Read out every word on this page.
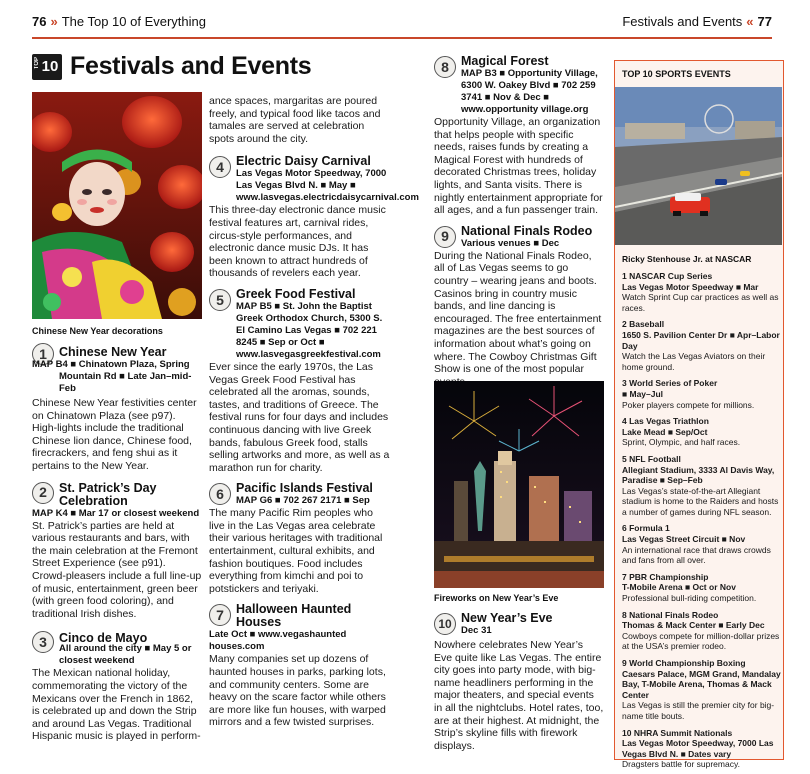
76 » The Top 10 of Everything	Festivals and Events « 77
TOP 10 Festivals and Events
Chinese New Year decorations
1 Chinese New Year
MAP B4 ■ Chinatown Plaza, Spring Mountain Rd ■ Late Jan–mid-Feb
Chinese New Year festivities center on Chinatown Plaza (see p97). High-lights include the traditional Chinese lion dance, Chinese food, firecrackers, and feng shui as it pertains to the New Year.
2 St. Patrick’s Day Celebration
MAP K4 ■ Mar 17 or closest weekend
St. Patrick’s parties are held at various restaurants and bars, with the main celebration at the Fremont Street Experience (see p91). Crowd-pleasers include a full line-up of music, entertainment, green beer (with green food coloring), and traditional Irish dishes.
3 Cinco de Mayo
All around the city ■ May 5 or closest weekend
The Mexican national holiday, commemorating the victory of the Mexicans over the French in 1862, is celebrated up and down the Strip and around Las Vegas. Traditional Hispanic music is played in perform-

ance spaces, margaritas are poured freely, and typical food like tacos and tamales are served at celebration spots around the city.

4 Electric Daisy Carnival
Las Vegas Motor Speedway, 7000 Las Vegas Blvd N. ■ May ■ www.lasvegas.electricdaisycarnival.com
This three-day electronic dance music festival features art, carnival rides, circus-style performances, and electronic dance music DJs. It has been known to attract hundreds of thousands of revelers each year.
5 Greek Food Festival
MAP B5 ■ St. John the Baptist Greek Orthodox Church, 5300 S. El Camino Las Vegas ■ 702 221 8245 ■ Sep or Oct ■ www.lasvegasgreekfestival.com
Ever since the early 1970s, the Las Vegas Greek Food Festival has celebrated all the aromas, sounds, tastes, and traditions of Greece. The festival runs for four days and includes continuous dancing with live Greek bands, fabulous Greek food, stalls selling artworks and more, as well as a marathon run for charity.
6 Pacific Islands Festival
MAP G6 ■ 702 267 2171 ■ Sep
The many Pacific Rim peoples who live in the Las Vegas area celebrate their various heritages with traditional entertainment, cultural exhibits, and fashion boutiques. Food includes everything from kimchi and poi to potstickers and teriyaki.
7 Halloween Haunted Houses
Late Oct ■ www.vegashaunted houses.com
Many companies set up dozens of haunted houses in parks, parking lots, and community centers. Some are heavy on the scare factor while others are more like fun houses, with warped mirrors and a few twisted surprises.
8 Magical Forest
MAP B3 ■ Opportunity Village, 6300 W. Oakey Blvd ■ 702 259 3741 ■ Nov & Dec ■ www.opportunity village.org
Opportunity Village, an organization that helps people with specific needs, raises funds by creating a Magical Forest with hundreds of decorated Christmas trees, holiday lights, and Santa visits. There is nightly entertainment appropriate for all ages, and a fun passenger train.
9 National Finals Rodeo
Various venues ■ Dec
During the National Finals Rodeo, all of Las Vegas seems to go country – wearing jeans and boots. Casinos bring in country music bands, and line dancing is encouraged. The free entertainment magazines are the best sources of information about what’s going on where. The Cowboy Christmas Gift Show is one of the most popular
Fireworks on New Year’s Eve
10 New Year’s Eve
Dec 31
Nowhere celebrates New Year’s Eve quite like Las Vegas. The entire city goes into party mode, with big-name headliners performing in the major theaters, and special events in all the nightclubs. Hotel rates, too, are at their highest. At midnight, the Strip’s skyline fills with firework displays.
TOP 10 SPORTS EVENTS
Ricky Stenhouse Jr. at NASCAR
1 NASCAR Cup Series
Las Vegas Motor Speedway ■ Mar
Watch Sprint Cup car practices as well as races.
2 Baseball
1650 S. Pavilion Center Dr ■ Apr–Labor Day
Watch the Las Vegas Aviators on their home ground.
3 World Series of Poker
■ May–Jul
Poker players compete for millions.
4 Las Vegas Triathlon
Lake Mead ■ Sep/Oct
Sprint, Olympic, and half races.
5 NFL Football
Allegiant Stadium, 3333 Al Davis Way, Paradise ■ Sep–Feb
Las Vegas’s state-of-the-art Allegiant stadium is home to the Raiders and hosts a number of games during NFL season.
6 Formula 1
Las Vegas Street Circuit ■ Nov
An international race that draws crowds and fans from all over.
7 PBR Championship
T-Mobile Arena ■ Oct or Nov
Professional bull-riding competition.
8 National Finals Rodeo
Thomas & Mack Center ■ Early Dec
Cowboys compete for million-dollar prizes at the USA’s premier rodeo.
9 World Championship Boxing
Caesars Palace, MGM Grand, Mandalay Bay, T-Mobile Arena, Thomas & Mack Center
Las Vegas is still the premier city for big-name title bouts.
10 NHRA Summit Nationals
Las Vegas Motor Speedway, 7000 Las Vegas Blvd N. ■ Dates vary
Dragsters battle for supremacy.
